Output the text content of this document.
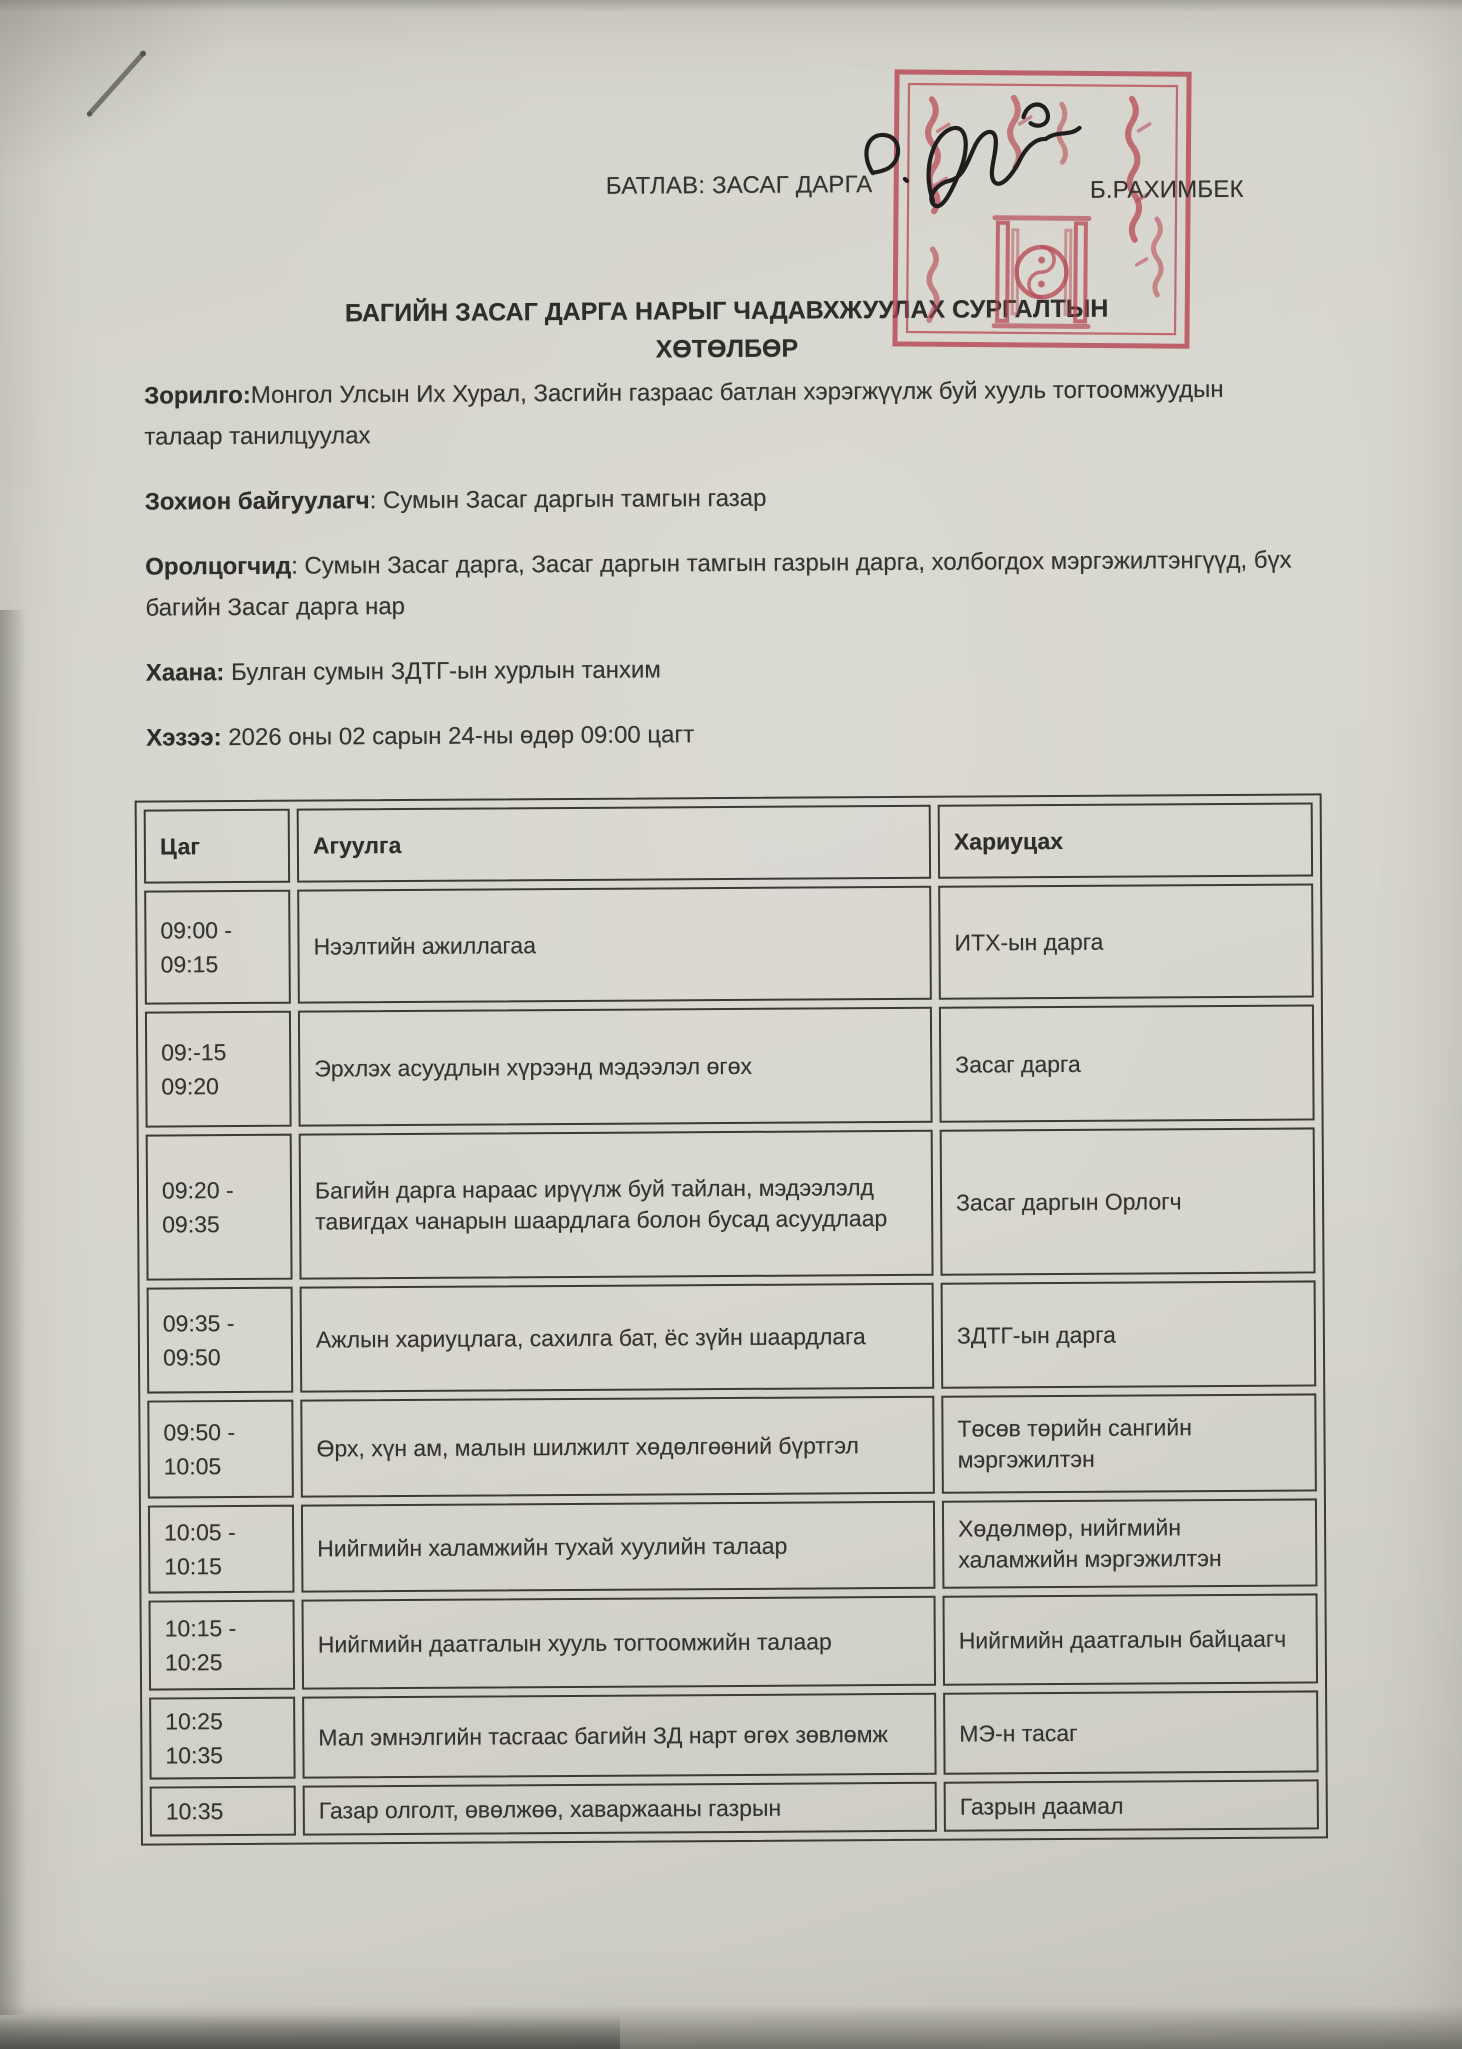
БАТЛАВ: ЗАСАГ ДАРГА	Б.РАХИМБЕК
БАГИЙН ЗАСАГ ДАРГА НАРЫГ ЧАДАВХЖУУЛАХ СУРГАЛТЫН
ХӨТӨЛБӨР

Зорилго:Монгол Улсын Их Хурал, Засгийн газраас батлан хэрэгжүүлж буй хууль тогтоомжуудын талаар танилцуулах

Зохион байгуулагч: Сумын Засаг даргын тамгын газар

Оролцогчид: Сумын Засаг дарга, Засаг даргын тамгын газрын дарга, холбогдох мэргэжилтэнгүүд, бүх багийн Засаг дарга нар

Хаана: Булган сумын ЗДТГ-ын хурлын танхим

Хэзээ: 2026 оны 02 сарын 24-ны өдөр 09:00 цагт

Цаг	Агуулга	Хариуцах

09:00 -
09:15	Нээлтийн ажиллагаа	ИТХ-ын дарга

09:-15
09:20	Эрхлэх асуудлын хүрээнд мэдээлэл өгөх	Засаг дарга

09:20 -
09:35	Багийн дарга нараас ирүүлж буй тайлан, мэдээлэлд тавигдах чанарын шаардлага болон бусад асуудлаар	Засаг даргын Орлогч

09:35 -
09:50	Ажлын хариуцлага, сахилга бат, ёс зүйн шаардлага	ЗДТГ-ын дарга

09:50 -
10:05	Өрх, хүн ам, малын шилжилт хөдөлгөөний бүртгэл	Төсөв төрийн сангийн мэргэжилтэн

10:05 -
10:15	Нийгмийн халамжийн тухай хуулийн талаар	Хөдөлмөр, нийгмийн халамжийн мэргэжилтэн

10:15 -
10:25	Нийгмийн даатгалын хууль тогтоомжийн талаар	Нийгмийн даатгалын байцаагч

10:25
10:35	Мал эмнэлгийн тасгаас багийн ЗД нарт өгөх зөвлөмж	МЭ-н тасаг

10:35	Газар олголт, өвөлжөө, хаваржааны газрын	Газрын даамал
